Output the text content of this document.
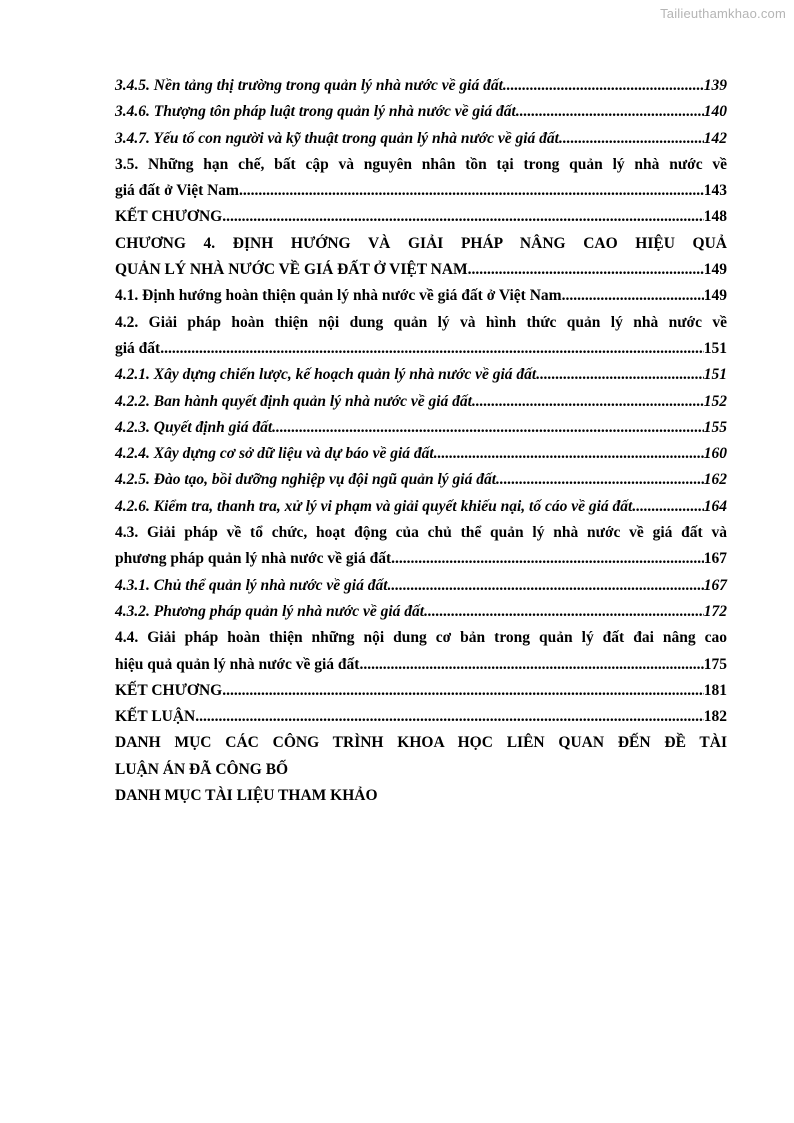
Tailieuthamkhao.com
3.4.5. Nền tảng thị trường trong quản lý nhà nước về giá đất .....	139
3.4.6. Thượng tôn pháp luật trong quản lý nhà nước về giá đất .....	140
3.4.7. Yếu tố con người và kỹ thuật trong quản lý nhà nước về giá đất .....	142
3.5. Những hạn chế, bất cập và nguyên nhân tồn tại trong quản lý nhà nước về
giá đất ở Việt Nam .....	143
KẾT CHƯƠNG .....	148
CHƯƠNG 4. ĐỊNH HƯỚNG VÀ GIẢI PHÁP NÂNG CAO HIỆU QUẢ
QUẢN LÝ NHÀ NƯỚC VỀ GIÁ ĐẤT Ở VIỆT NAM .....	149
4.1. Định hướng hoàn thiện quản lý nhà nước về giá đất ở Việt Nam .....	149
4.2. Giải pháp hoàn thiện nội dung quản lý và hình thức quản lý nhà nước về
giá đất .....	151
4.2.1. Xây dựng chiến lược, kế hoạch quản lý nhà nước về giá đất .....	151
4.2.2. Ban hành quyết định quản lý nhà nước về giá đất .....	152
4.2.3. Quyết định giá đất .....	155
4.2.4. Xây dựng cơ sở dữ liệu và dự báo về giá đất .....	160
4.2.5. Đào tạo, bồi dưỡng nghiệp vụ đội ngũ quản lý giá đất .....	162
4.2.6. Kiểm tra, thanh tra, xử lý vi phạm và giải quyết khiếu nại, tố cáo về giá đất .....	164
4.3. Giải pháp về tổ chức, hoạt động của chủ thể quản lý nhà nước về giá đất và
phương pháp quản lý nhà nước về giá đất .....	167
4.3.1. Chủ thể quản lý nhà nước về giá đất .....	167
4.3.2. Phương pháp quản lý nhà nước về giá đất .....	172
4.4. Giải pháp hoàn thiện những nội dung cơ bản trong quản lý đất đai nâng cao
hiệu quả quản lý nhà nước về giá đất .....	175
KẾT CHƯƠNG .....	181
KẾT LUẬN .....	182
DANH MỤC CÁC CÔNG TRÌNH KHOA HỌC LIÊN QUAN ĐẾN ĐỀ TÀI
LUẬN ÁN ĐÃ CÔNG BỐ
DANH MỤC TÀI LIỆU THAM KHẢO
